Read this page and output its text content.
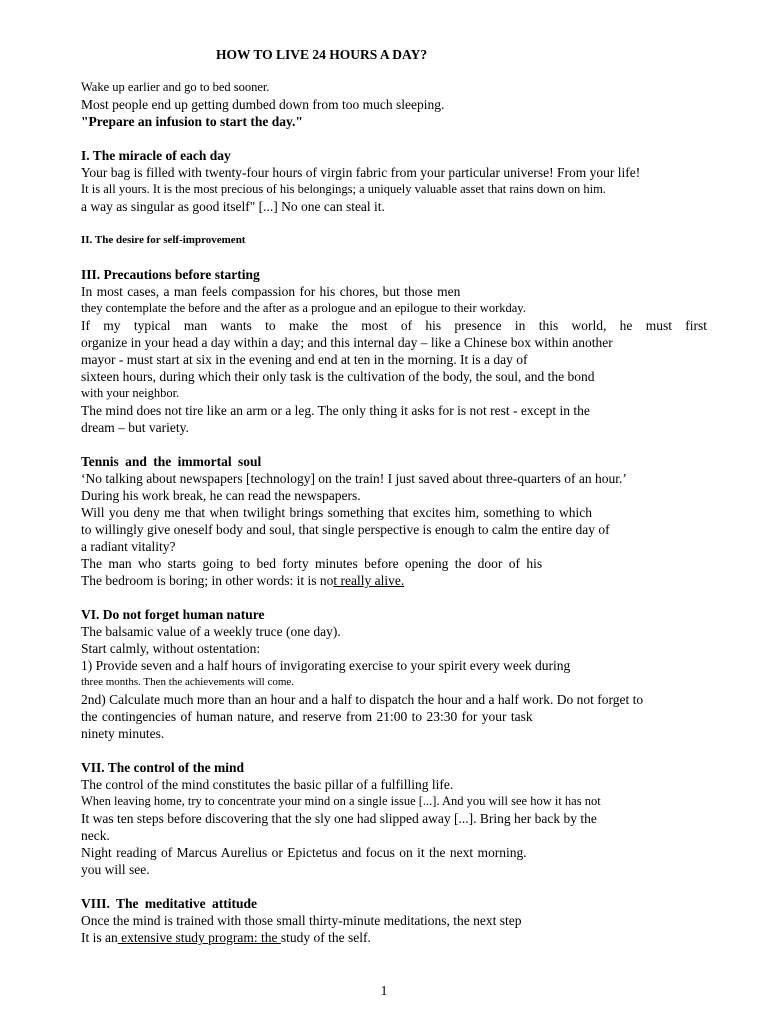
HOW TO LIVE 24 HOURS A DAY?
Wake up earlier and go to bed sooner.
Most people end up getting dumbed down from too much sleeping.
"Prepare an infusion to start the day."
I. The miracle of each day
Your bag is filled with twenty-four hours of virgin fabric from your particular universe! From your life!
It is all yours. It is the most precious of his belongings; a uniquely valuable asset that rains down on him.
a way as singular as good itself" [...] No one can steal it.
II. The desire for self-improvement
III. Precautions before starting
In most cases, a man feels compassion for his chores, but those men
they contemplate the before and the after as a prologue and an epilogue to their workday.
If my typical man wants to make the most of his presence in this world, he must first
organize in your head a day within a day; and this internal day – like a Chinese box within another
mayor - must start at six in the evening and end at ten in the morning. It is a day of
sixteen hours, during which their only task is the cultivation of the body, the soul, and the bond
with your neighbor.
The mind does not tire like an arm or a leg. The only thing it asks for is not rest - except in the
dream – but variety.
Tennis and the immortal soul
‘No talking about newspapers [technology] on the train! I just saved about three-quarters of an hour.’
During his work break, he can read the newspapers.
Will you deny me that when twilight brings something that excites him, something to which
to willingly give oneself body and soul, that single perspective is enough to calm the entire day of
a radiant vitality?
The man who starts going to bed forty minutes before opening the door of his
The bedroom is boring; in other words: it is not really alive.
VI. Do not forget human nature
The balsamic value of a weekly truce (one day).
Start calmly, without ostentation:
1) Provide seven and a half hours of invigorating exercise to your spirit every week during
three months. Then the achievements will come.
2nd) Calculate much more than an hour and a half to dispatch the hour and a half work. Do not forget to
the contingencies of human nature, and reserve from 21:00 to 23:30 for your task
ninety minutes.
VII. The control of the mind
The control of the mind constitutes the basic pillar of a fulfilling life.
When leaving home, try to concentrate your mind on a single issue [...]. And you will see how it has not
It was ten steps before discovering that the sly one had slipped away [...]. Bring her back by the
neck.
Night reading of Marcus Aurelius or Epictetus and focus on it the next morning.
you will see.
VIII. The meditative attitude
Once the mind is trained with those small thirty-minute meditations, the next step
It is an extensive study program: the study of the self.
1
